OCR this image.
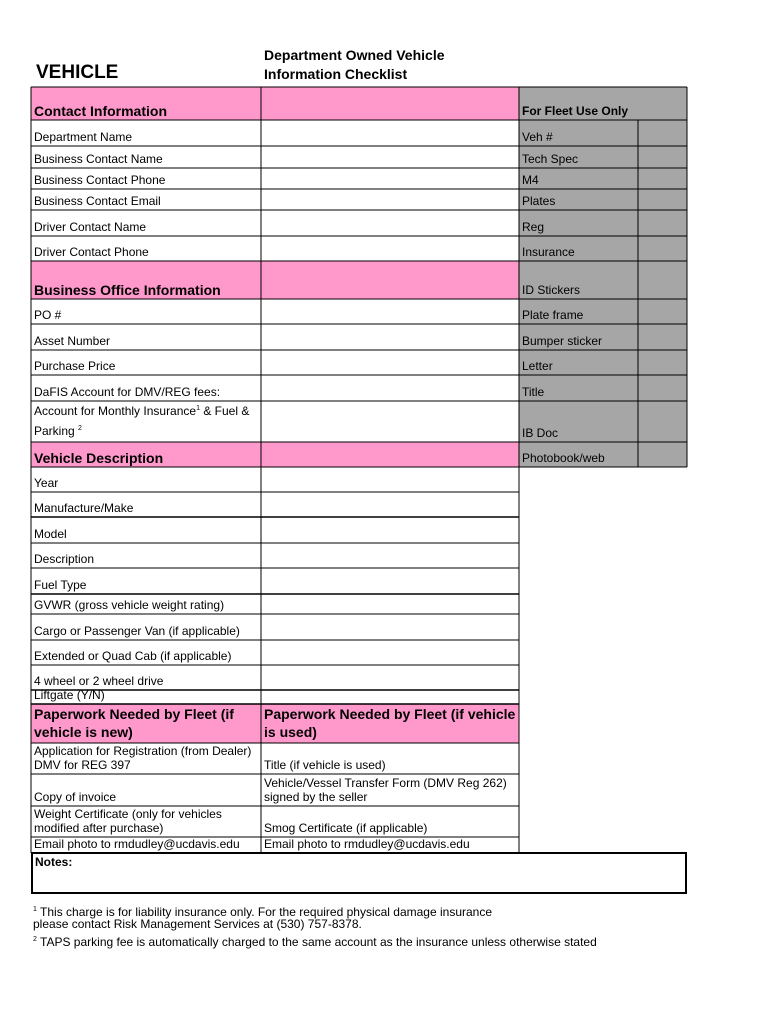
VEHICLE
Department Owned Vehicle
Information Checklist
Contact Information
Department Name
Business Contact Name
Business Contact Phone
Business Contact Email
Driver Contact Name
Driver Contact Phone
Business Office Information
PO #
Asset Number
Purchase Price
DaFIS Account for DMV/REG fees:
Account for Monthly Insurance$^1$ & Fuel &
Parking $^2$
Vehicle Description
Year
Manufacture/Make
Model
Description
Fuel Type
GVWR (gross vehicle weight rating)
Cargo or Passenger Van (if applicable)
Extended or Quad Cab (if applicable)
4 wheel or 2 wheel drive
Liftgate (Y/N)
For Fleet Use Only
Veh #
Tech Spec
M4
Plates
Reg
Insurance
ID Stickers
Plate frame
Bumper sticker
Letter
Title
IB Doc
Photobook/web
Paperwork Needed by Fleet (if vehicle is new)
Paperwork Needed by Fleet (if vehicle is used)
Application for Registration (from Dealer) DMV for REG 397	Title (if vehicle is used)
Copy of invoice
Vehicle/Vessel Transfer Form (DMV Reg 262) signed by the seller
Weight Certificate (only for vehicles modified after purchase)	Smog Certificate (if applicable)
Email photo to rmdudley@ucdavis.edu Email photo to rmdudley@ucdavis.edu
Notes:
$^1$ This charge is for liability insurance only. For the required physical damage insurance
please contact Risk Management Services at (530) 757-8378.
$^2$ TAPS parking fee is automatically charged to the same account as the insurance unless otherwise stated
